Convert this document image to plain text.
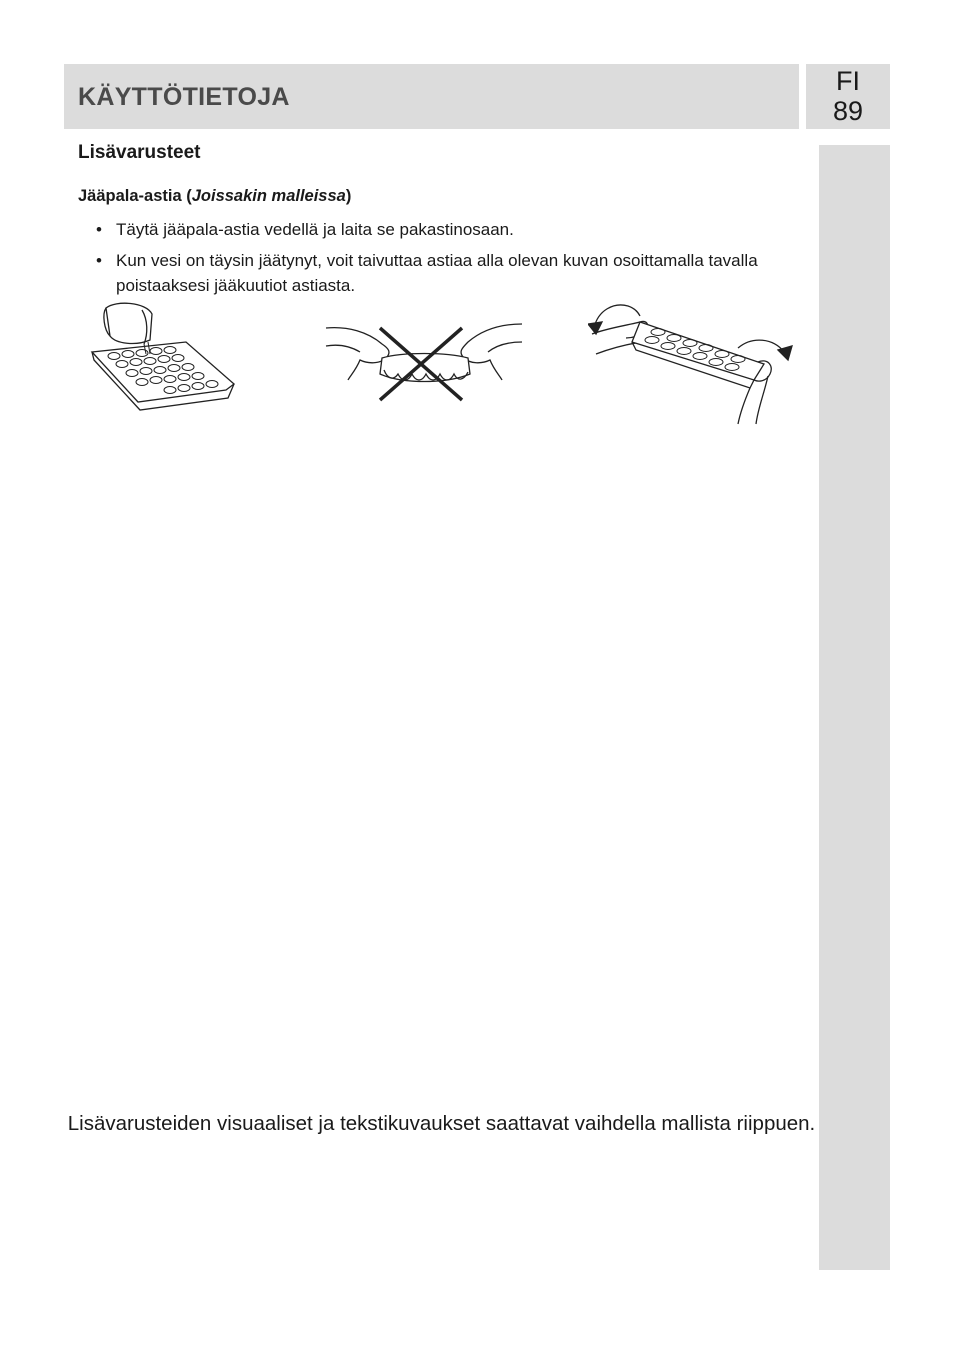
KÄYTTÖTIETOJA
FI
89
Lisävarusteet
Jääpala-astia (Joissakin malleissa)
• Täytä jääpala-astia vedellä ja laita se pakastinosaan.
• Kun vesi on täysin jäätynyt, voit taivuttaa astiaa alla olevan kuvan osoittamalla tavalla poistaaksesi jääkuutiot astiasta.
Lisävarusteiden visuaaliset ja tekstikuvaukset saattavat vaihdella mallista riippuen.
